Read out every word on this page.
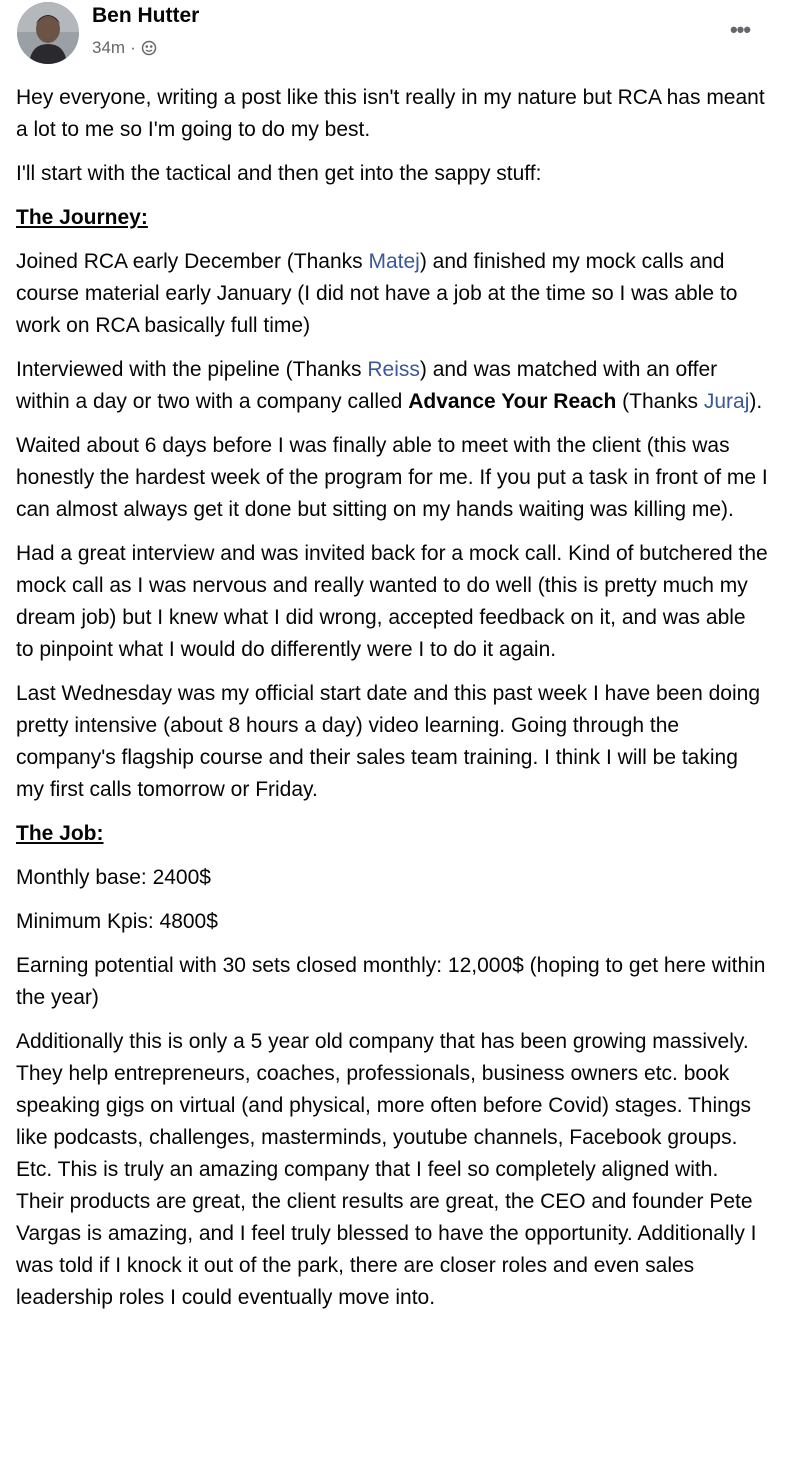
Ben Hutter
34m ·
•••

Hey everyone, writing a post like this isn't really in my nature but RCA has meant a lot to me so I'm going to do my best.

I'll start with the tactical and then get into the sappy stuff:

The Journey:

Joined RCA early December (Thanks Matej) and finished my mock calls and course material early January (I did not have a job at the time so I was able to work on RCA basically full time)

Interviewed with the pipeline (Thanks Reiss) and was matched with an offer within a day or two with a company called Advance Your Reach (Thanks Juraj).

Waited about 6 days before I was finally able to meet with the client (this was honestly the hardest week of the program for me. If you put a task in front of me I can almost always get it done but sitting on my hands waiting was killing me).

Had a great interview and was invited back for a mock call. Kind of butchered the mock call as I was nervous and really wanted to do well (this is pretty much my dream job) but I knew what I did wrong, accepted feedback on it, and was able to pinpoint what I would do differently were I to do it again.

Last Wednesday was my official start date and this past week I have been doing pretty intensive (about 8 hours a day) video learning. Going through the company's flagship course and their sales team training. I think I will be taking my first calls tomorrow or Friday.

The Job:

Monthly base: 2400$

Minimum Kpis: 4800$

Earning potential with 30 sets closed monthly: 12,000$ (hoping to get here within the year)

Additionally this is only a 5 year old company that has been growing massively. They help entrepreneurs, coaches, professionals, business owners etc. book speaking gigs on virtual (and physical, more often before Covid) stages. Things like podcasts, challenges, masterminds, youtube channels, Facebook groups. Etc. This is truly an amazing company that I feel so completely aligned with. Their products are great, the client results are great, the CEO and founder Pete Vargas is amazing, and I feel truly blessed to have the opportunity. Additionally I was told if I knock it out of the park, there are closer roles and even sales leadership roles I could eventually move into.
